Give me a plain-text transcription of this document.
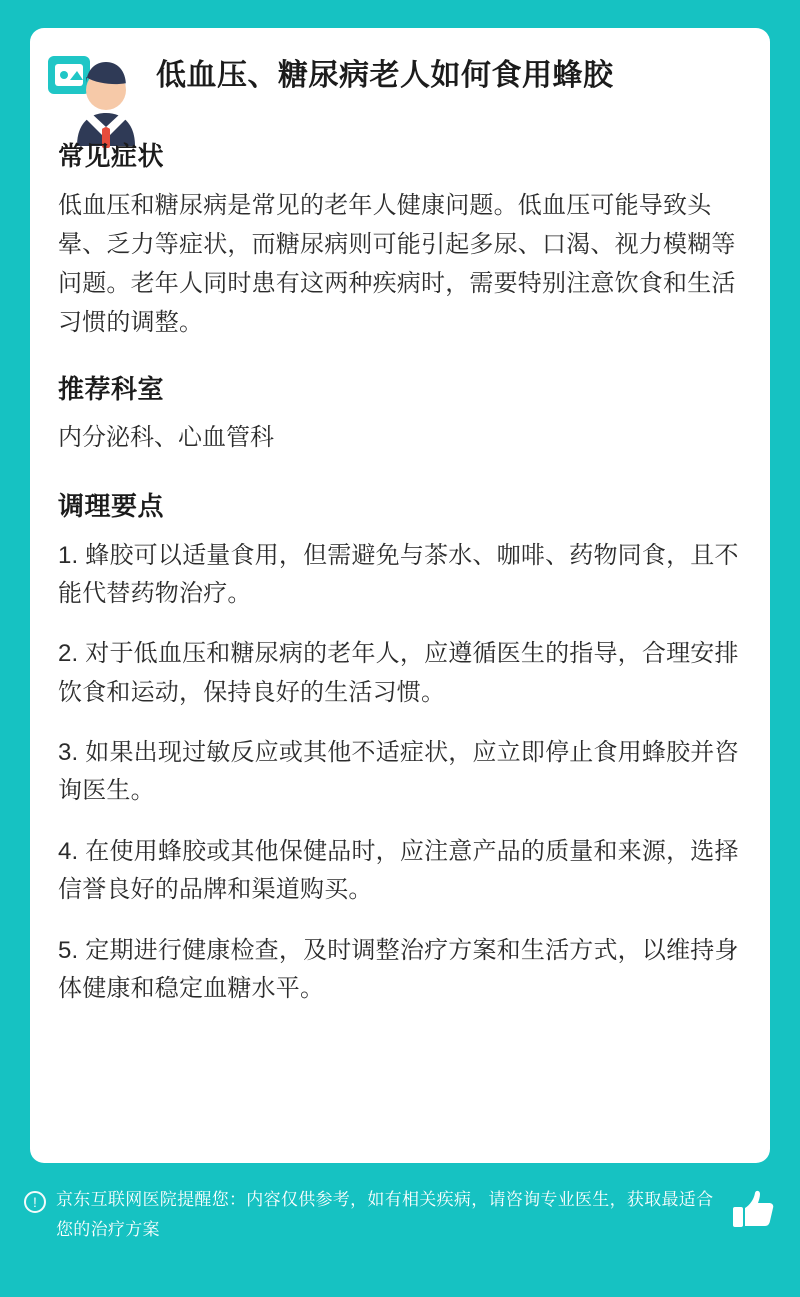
低血压、糖尿病老人如何食用蜂胶
常见症状

低血压和糖尿病是常见的老年人健康问题。低血压可能导致头晕、乏力等症状，而糖尿病则可能引起多尿、口渴、视力模糊等问题。老年人同时患有这两种疾病时，需要特别注意饮食和生活习惯的调整。

推荐科室

内分泌科、心血管科

调理要点

1. 蜂胶可以适量食用，但需避免与茶水、咖啡、药物同食，且不能代替药物治疗。

2. 对于低血压和糖尿病的老年人，应遵循医生的指导，合理安排饮食和运动，保持良好的生活习惯。

3. 如果出现过敏反应或其他不适症状，应立即停止食用蜂胶并咨询医生。

4. 在使用蜂胶或其他保健品时，应注意产品的质量和来源，选择信誉良好的品牌和渠道购买。

5. 定期进行健康检查，及时调整治疗方案和生活方式，以维持身体健康和稳定血糖水平。

!	京东互联网医院提醒您：内容仅供参考，如有相关疾病，请咨询专业医生，获取最适合您的治疗方案
